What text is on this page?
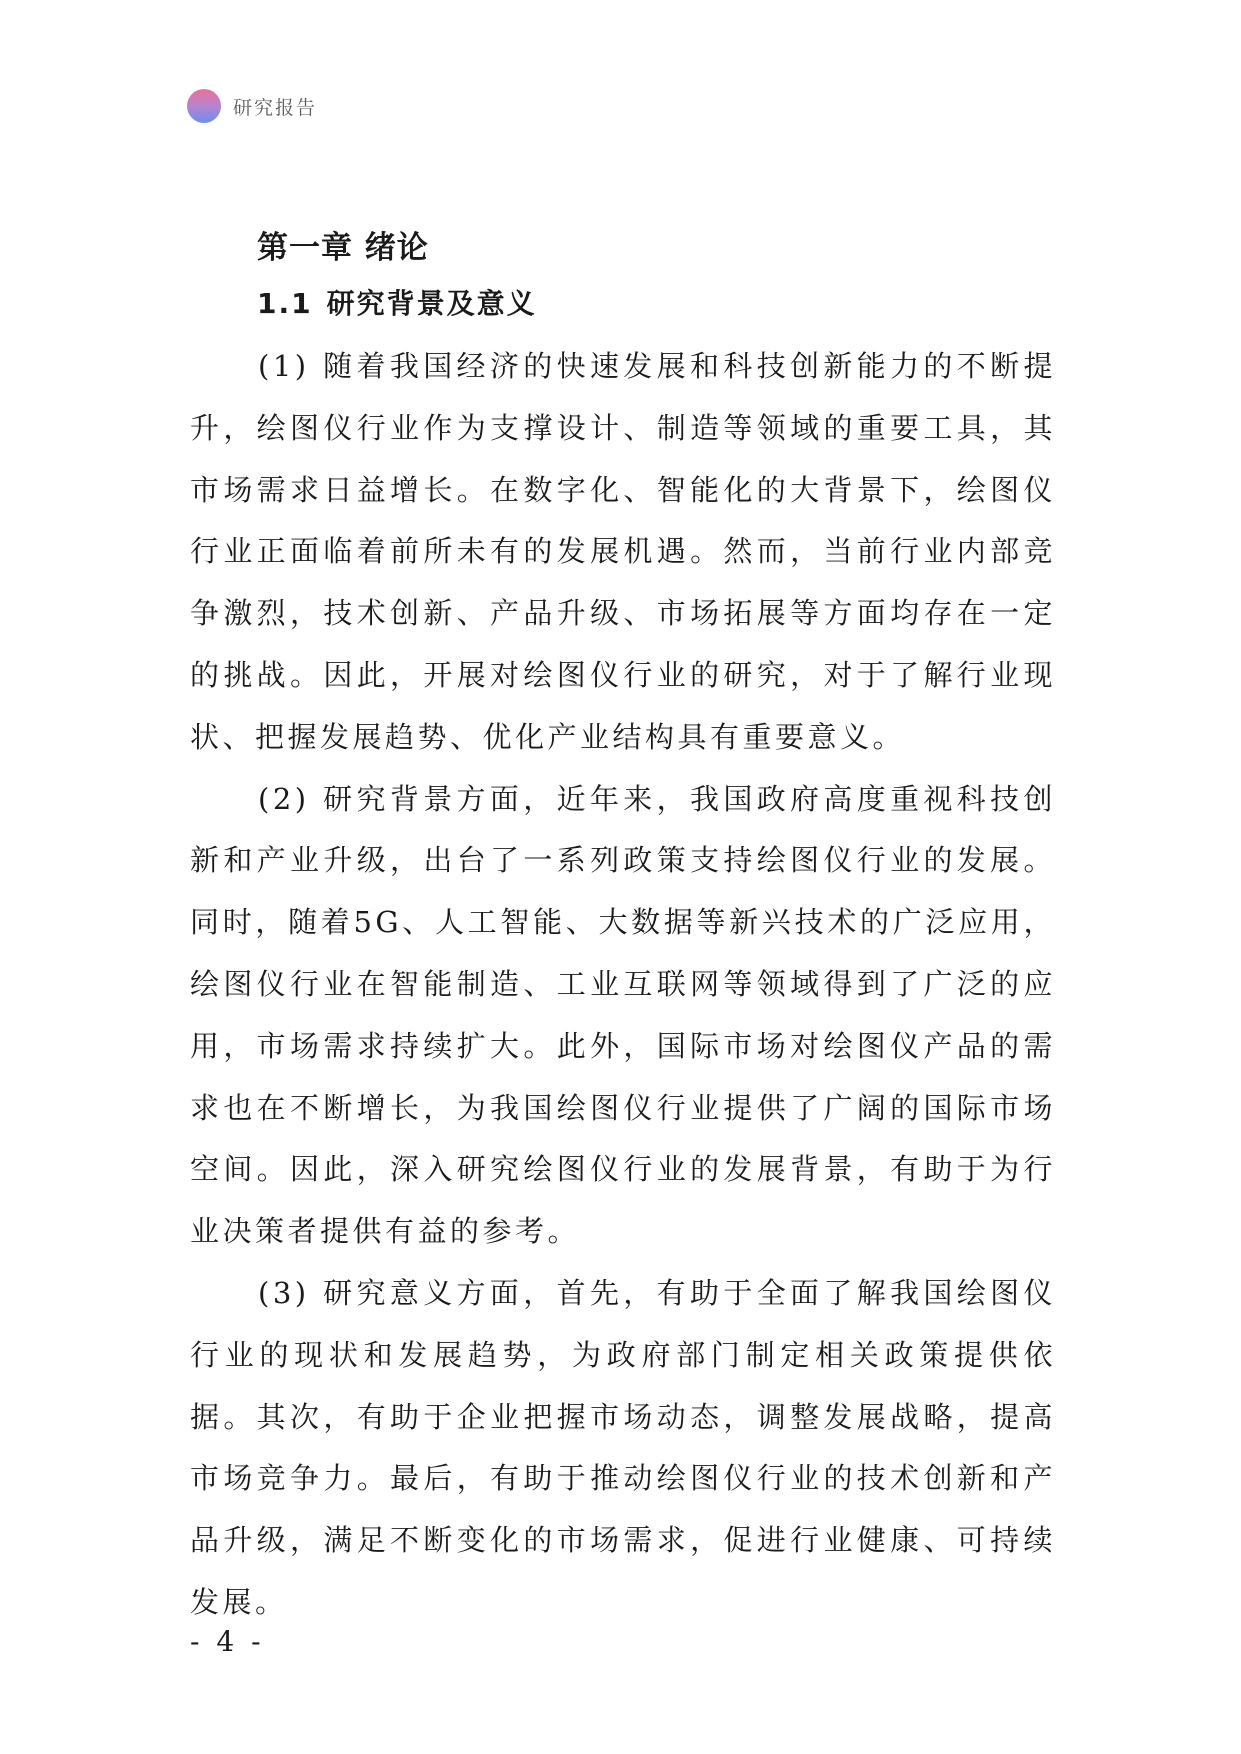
研究报告
第一章 绪论
1.1 研究背景及意义

(1) 随着我国经济的快速发展和科技创新能力的不断提升，绘图仪行业作为支撑设计、制造等领域的重要工具，其市场需求日益增长。在数字化、智能化的大背景下，绘图仪行业正面临着前所未有的发展机遇。然而，当前行业内部竞争激烈，技术创新、产品升级、市场拓展等方面均存在一定的挑战。因此，开展对绘图仪行业的研究，对于了解行业现状、把握发展趋势、优化产业结构具有重要意义。

(2) 研究背景方面，近年来，我国政府高度重视科技创新和产业升级，出台了一系列政策支持绘图仪行业的发展。同时，随着5G、人工智能、大数据等新兴技术的广泛应用，绘图仪行业在智能制造、工业互联网等领域得到了广泛的应用，市场需求持续扩大。此外，国际市场对绘图仪产品的需求也在不断增长，为我国绘图仪行业提供了广阔的国际市场空间。因此，深入研究绘图仪行业的发展背景，有助于为行业决策者提供有益的参考。

(3) 研究意义方面，首先，有助于全面了解我国绘图仪行业的现状和发展趋势，为政府部门制定相关政策提供依据。其次，有助于企业把握市场动态，调整发展战略，提高市场竞争力。最后，有助于推动绘图仪行业的技术创新和产品升级，满足不断变化的市场需求，促进行业健康、可持续发展。

- 4 -
